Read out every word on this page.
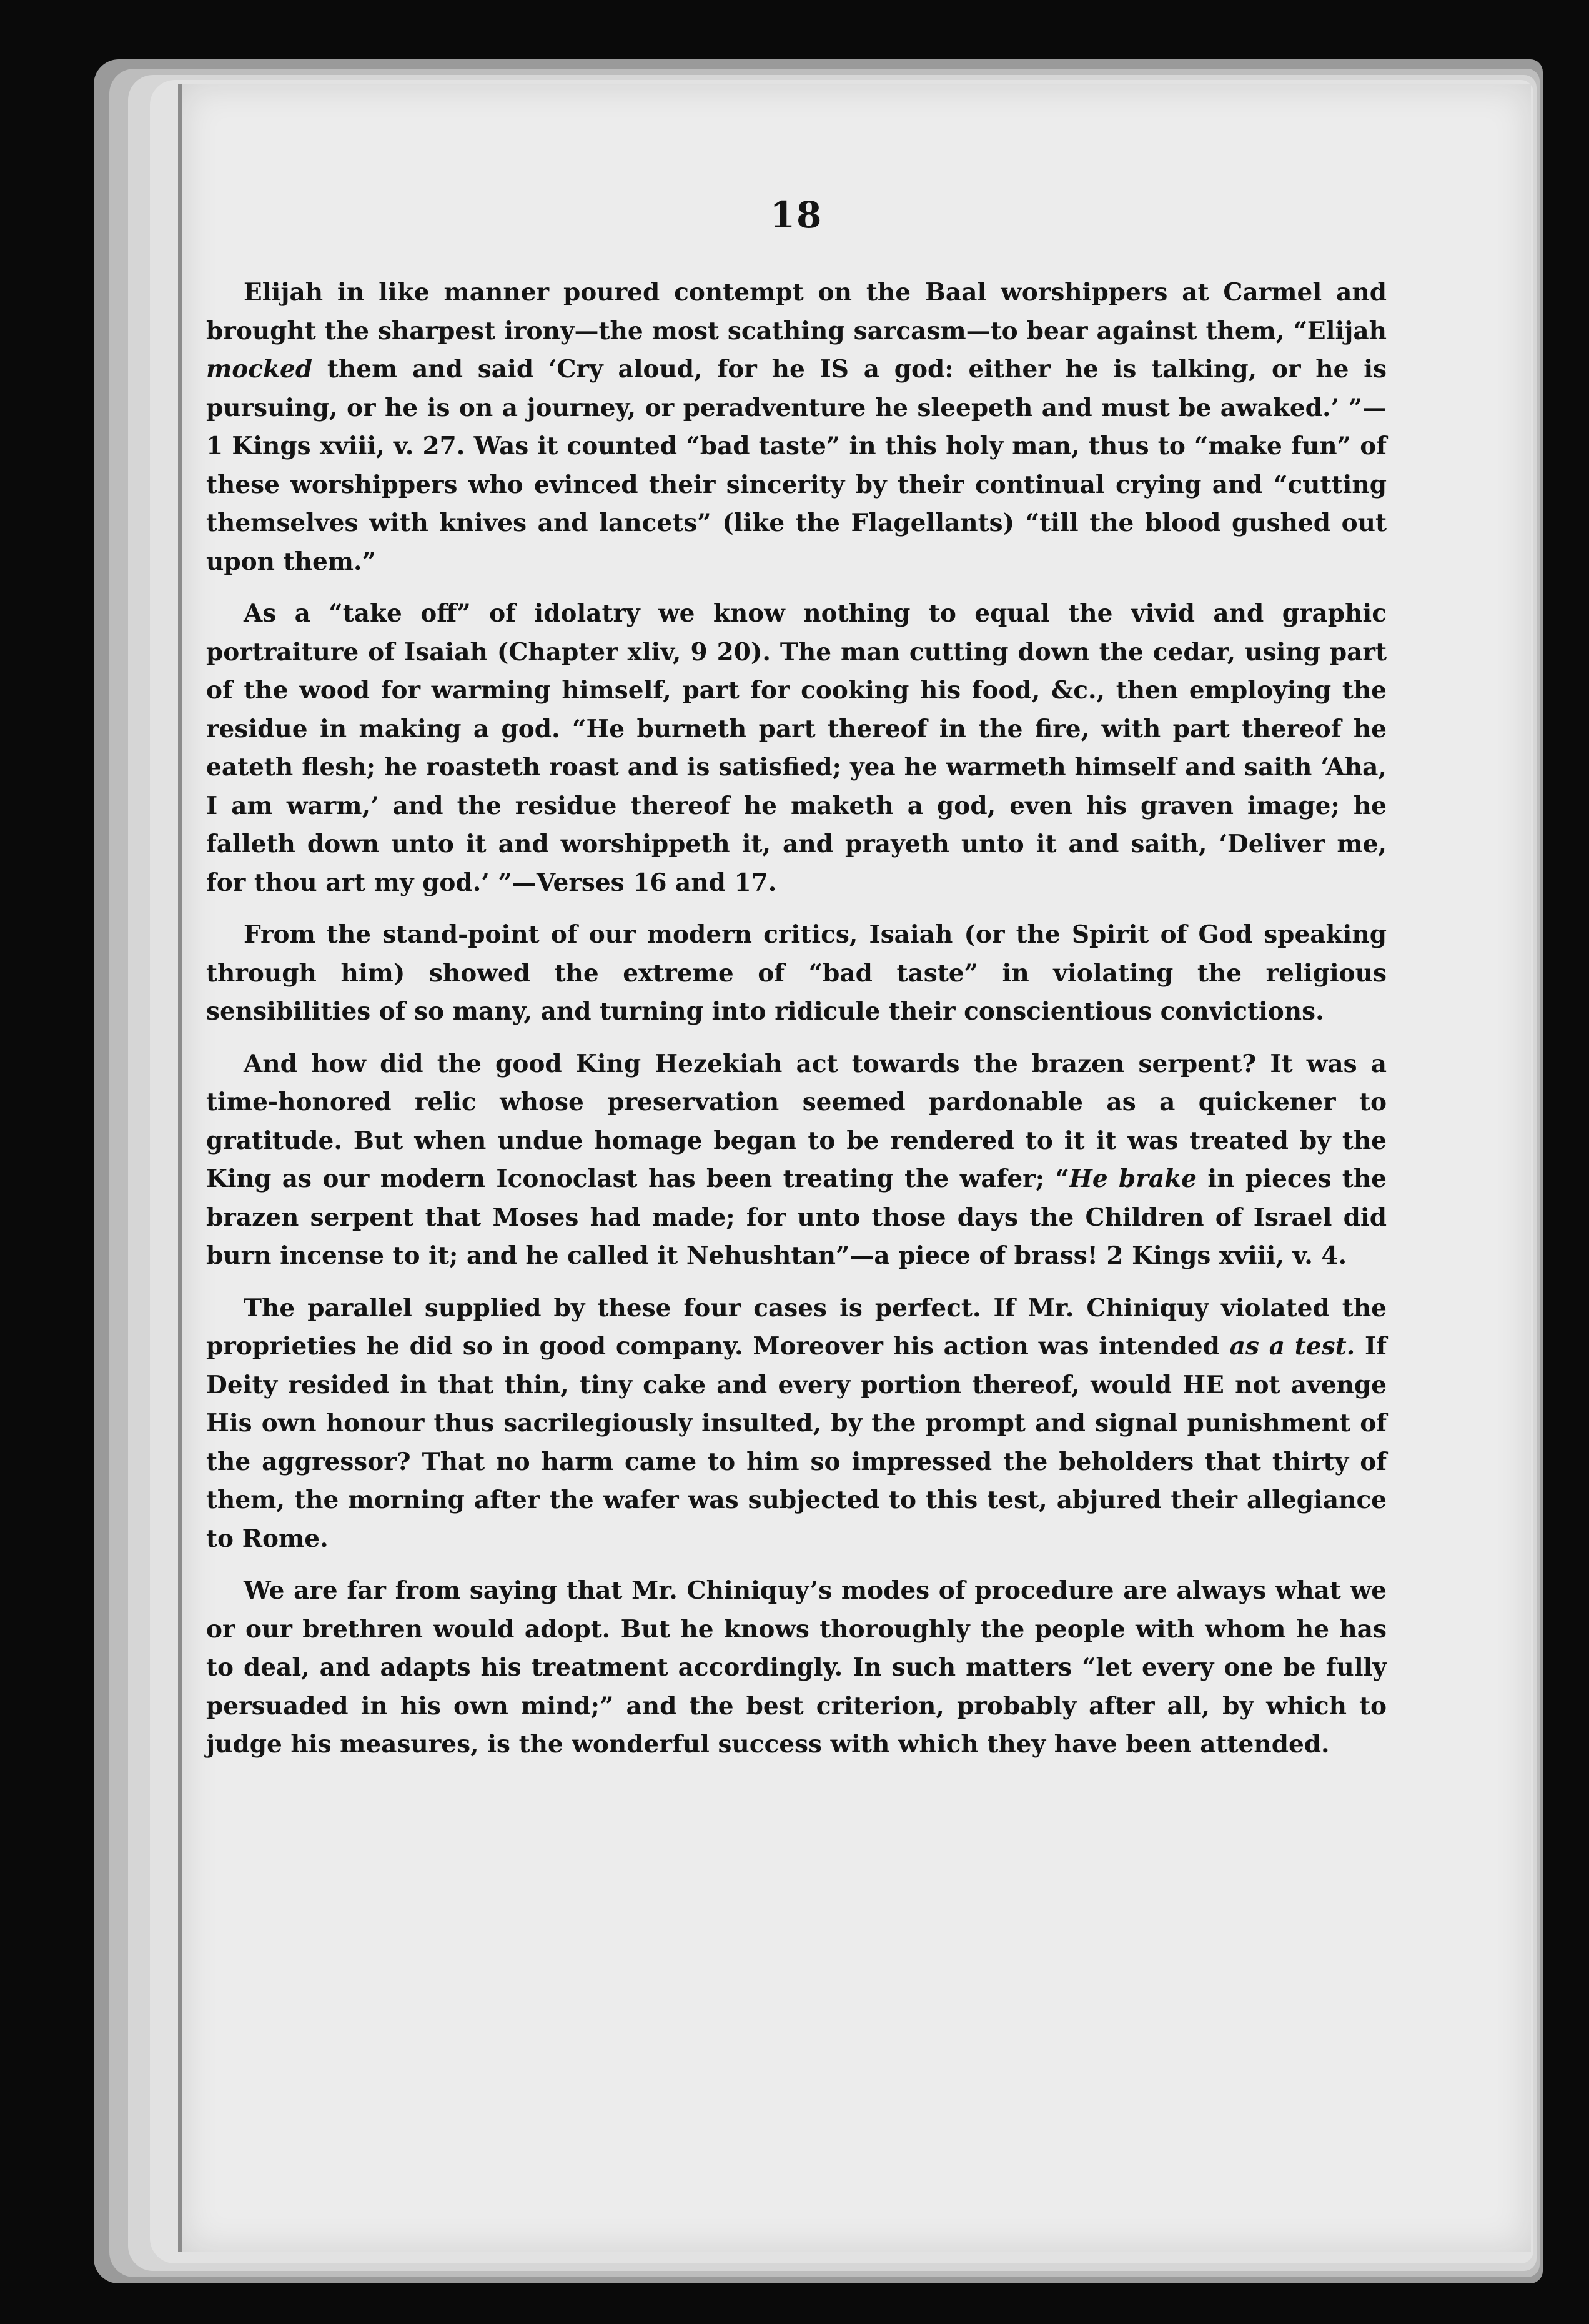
18

Elijah in like manner poured contempt on the Baal worshippers at Carmel and brought the sharpest irony—the most scathing sarcasm—to bear against them, “Elijah mocked them and said ‘Cry aloud, for he IS a god: either he is talking, or he is pursuing, or he is on a journey, or peradventure he sleepeth and must be awaked.’ ”—1 Kings xviii, v. 27. Was it counted “bad taste” in this holy man, thus to “make fun” of these worshippers who evinced their sincerity by their continual crying and “cutting themselves with knives and lancets” (like the Flagellants) “till the blood gushed out upon them.”

As a “take off” of idolatry we know nothing to equal the vivid and graphic portraiture of Isaiah (Chapter xliv, 9 20). The man cutting down the cedar, using part of the wood for warming himself, part for cooking his food, &c., then employing the residue in making a god. “He burneth part thereof in the fire, with part thereof he eateth flesh; he roasteth roast and is satisfied; yea he warmeth himself and saith ‘Aha, I am warm,’ and the residue thereof he maketh a god, even his graven image; he falleth down unto it and worshippeth it, and prayeth unto it and saith, ‘Deliver me, for thou art my god.’ ”—Verses 16 and 17.

From the stand-point of our modern critics, Isaiah (or the Spirit of God speaking through him) showed the extreme of “bad taste” in violating the religious sensibilities of so many, and turning into ridicule their conscientious convictions.

And how did the good King Hezekiah act towards the brazen serpent? It was a time-honored relic whose preservation seemed pardonable as a quickener to gratitude. But when undue homage began to be rendered to it it was treated by the King as our modern Iconoclast has been treating the wafer; “He brake in pieces the brazen serpent that Moses had made; for unto those days the Children of Israel did burn incense to it; and he called it Nehushtan”—a piece of brass! 2 Kings xviii, v. 4.

The parallel supplied by these four cases is perfect. If Mr. Chiniquy violated the proprieties he did so in good company. Moreover his action was intended as a test. If Deity resided in that thin, tiny cake and every portion thereof, would HE not avenge His own honour thus sacrilegiously insulted, by the prompt and signal punishment of the aggressor? That no harm came to him so impressed the beholders that thirty of them, the morning after the wafer was subjected to this test, abjured their allegiance to Rome.

We are far from saying that Mr. Chiniquy’s modes of procedure are always what we or our brethren would adopt. But he knows thoroughly the people with whom he has to deal, and adapts his treatment accordingly. In such matters “let every one be fully persuaded in his own mind;” and the best criterion, probably after all, by which to judge his measures, is the wonderful success with which they have been attended.
